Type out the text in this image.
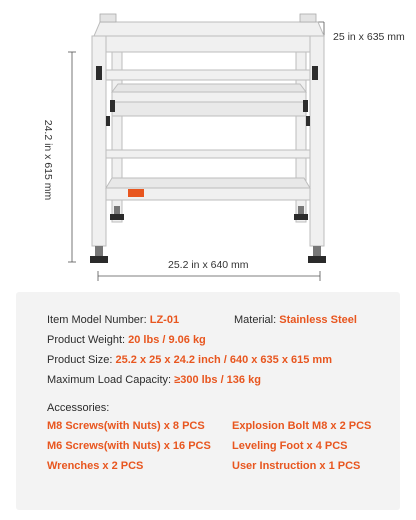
25 in x 635 mm
25.2 in x 640 mm
24.2 in x 615 mm
Item Model Number: LZ-01	Material: Stainless Steel
Product Weight: 20 lbs / 9.06 kg
Product Size: 25.2 x 25 x 24.2 inch / 640 x 635 x 615 mm
Maximum Load Capacity: ≥300 lbs / 136 kg
Accessories:
M8 Screws(with Nuts) x 8 PCS Explosion Bolt M8 x 2 PCS
M6 Screws(with Nuts) x 16 PCS Leveling Foot x 4 PCS
Wrenches x 2 PCS	User Instruction x 1 PCS
